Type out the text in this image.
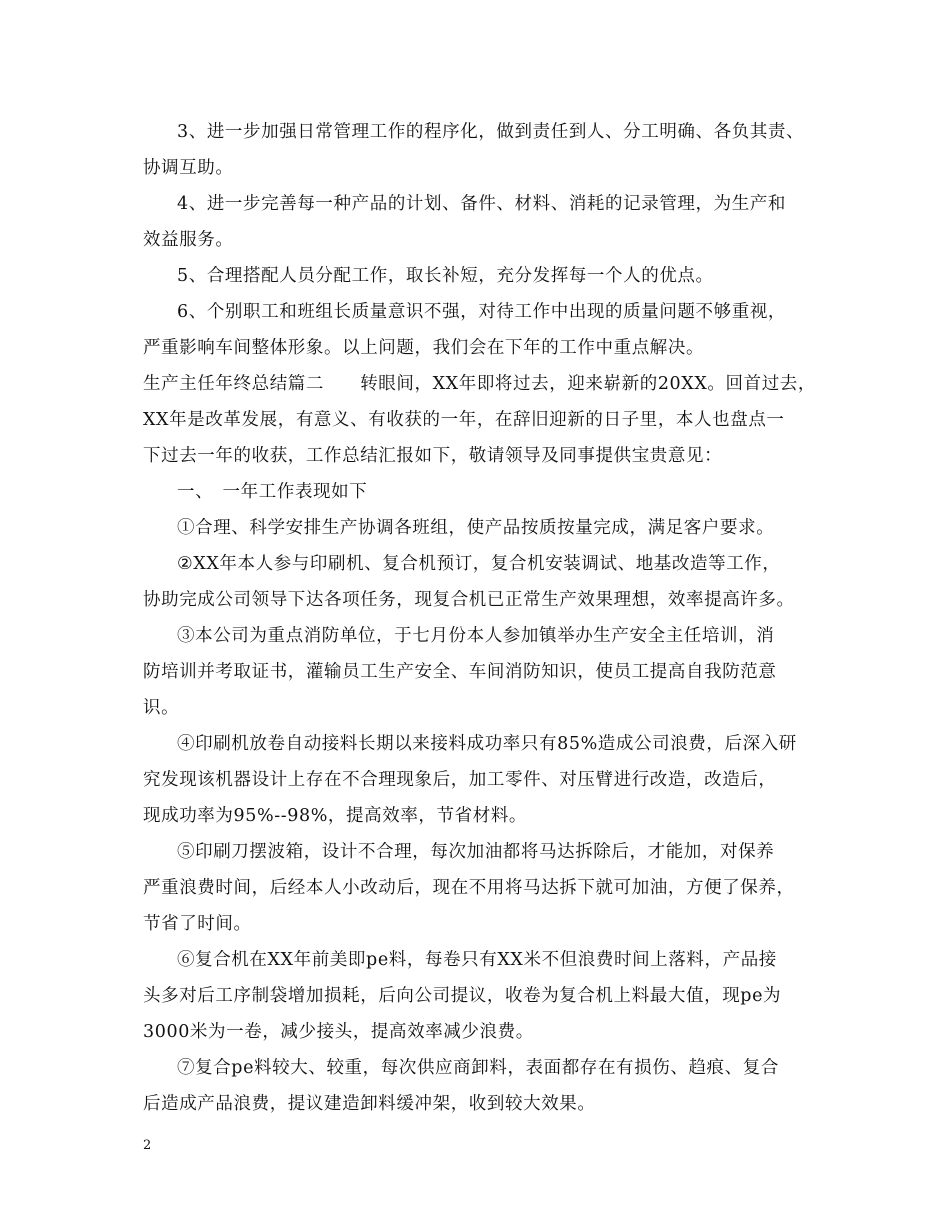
3、进一步加强日常管理工作的程序化，做到责任到人、分工明确、各负其责、
协调互助。
4、进一步完善每一种产品的计划、备件、材料、消耗的记录管理，为生产和
效益服务。
5、合理搭配人员分配工作，取长补短，充分发挥每一个人的优点。
6、个别职工和班组长质量意识不强，对待工作中出现的质量问题不够重视，
严重影响车间整体形象。以上问题，我们会在下年的工作中重点解决。
生产主任年终总结篇二　　转眼间，XX年即将过去，迎来崭新的20XX。回首过去，
XX年是改革发展，有意义、有收获的一年，在辞旧迎新的日子里，本人也盘点一
下过去一年的收获，工作总结汇报如下，敬请领导及同事提供宝贵意见：
一、　一年工作表现如下
①合理、科学安排生产协调各班组，使产品按质按量完成，满足客户要求。
②XX年本人参与印刷机、复合机预订，复合机安装调试、地基改造等工作，
协助完成公司领导下达各项任务，现复合机已正常生产效果理想，效率提高许多。
③本公司为重点消防单位，于七月份本人参加镇举办生产安全主任培训，消
防培训并考取证书，灌输员工生产安全、车间消防知识，使员工提高自我防范意
识。
④印刷机放卷自动接料长期以来接料成功率只有85%造成公司浪费，后深入研
究发现该机器设计上存在不合理现象后，加工零件、对压臂进行改造，改造后，
现成功率为95%--98%，提高效率，节省材料。
⑤印刷刀摆波箱，设计不合理，每次加油都将马达拆除后，才能加，对保养
严重浪费时间，后经本人小改动后，现在不用将马达拆下就可加油，方便了保养，
节省了时间。
⑥复合机在XX年前美即pe料，每卷只有XX米不但浪费时间上落料，产品接
头多对后工序制袋增加损耗，后向公司提议，收卷为复合机上料最大值，现pe为
3000米为一卷，减少接头，提高效率减少浪费。
⑦复合pe料较大、较重，每次供应商卸料，表面都存在有损伤、趋痕、复合
后造成产品浪费，提议建造卸料缓冲架，收到较大效果。
2
